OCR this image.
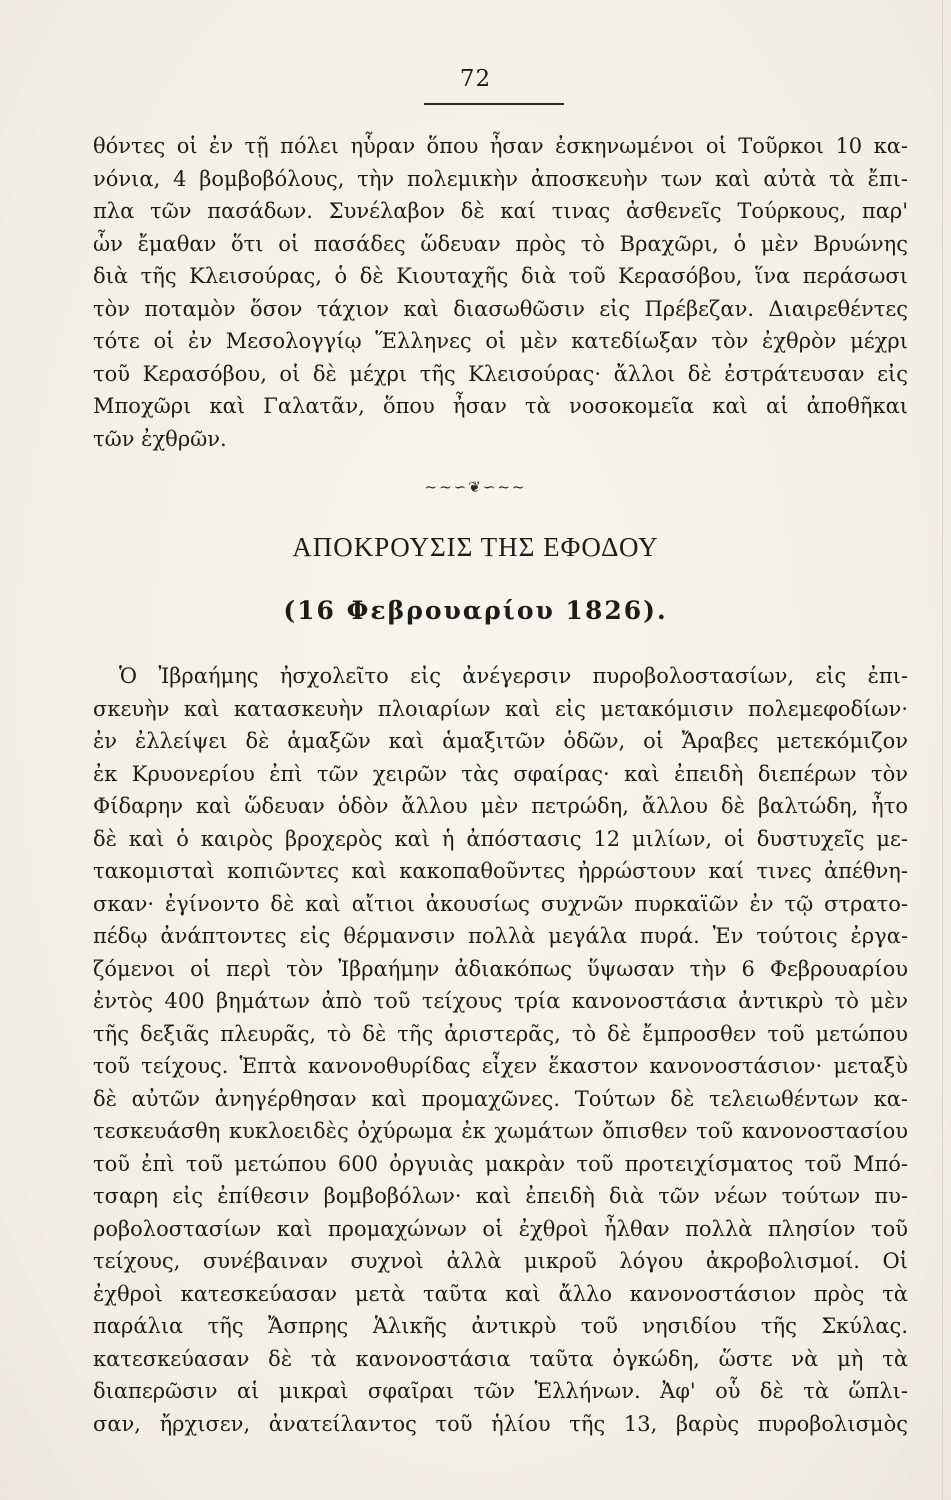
72
θόντες οἱ ἐν τῇ πόλει ηὗραν ὅπου ἦσαν ἐσκηνωμένοι οἱ Τοῦρκοι 10 κα-
νόνια, 4 βομβοβόλους, τὴν πολεμικὴν ἀποσκευὴν των καὶ αὐτὰ τὰ ἔπι-
πλα τῶν πασάδων. Συνέλαβον δὲ καί τινας ἀσθενεῖς Τούρκους, παρ'
ὧν ἔμαθαν ὅτι οἱ πασάδες ὥδευαν πρὸς τὸ Βραχῶρι, ὁ μὲν Βρυώνης
διὰ τῆς Κλεισούρας, ὁ δὲ Κιουταχῆς διὰ τοῦ Κερασόβου, ἵνα περάσωσι
τὸν ποταμὸν ὅσον τάχιον καὶ διασωθῶσιν εἰς Πρέβεζαν. Διαιρεθέντες
τότε οἱ ἐν Μεσολογγίῳ Ἕλληνες οἱ μὲν κατεδίωξαν τὸν ἐχθρὸν μέχρι
τοῦ Κερασόβου, οἱ δὲ μέχρι τῆς Κλεισούρας· ἄλλοι δὲ ἐστράτευσαν εἰς
Μποχῶρι καὶ Γαλατᾶν, ὅπου ἦσαν τὰ νοσοκομεῖα καὶ αἱ ἀποθῆκαι
τῶν ἐχθρῶν.
~~∽❦∽~~
ΑΠΟΚΡΟΥΣΙΣ ΤΗΣ ΕΦΟΔΟΥ
(16 Φεβρουαρίου 1826).
Ὁ Ἰβραήμης ἠσχολεῖτο εἰς ἀνέγερσιν πυροβολοστασίων, εἰς ἐπι-
σκευὴν καὶ κατασκευὴν πλοιαρίων καὶ εἰς μετακόμισιν πολεμεφοδίων·
ἐν ἐλλείψει δὲ ἁμαξῶν καὶ ἁμαξιτῶν ὁδῶν, οἱ Ἄραβες μετεκόμιζον
ἐκ Κρυονερίου ἐπὶ τῶν χειρῶν τὰς σφαίρας· καὶ ἐπειδὴ διεπέρων τὸν
Φίδαρην καὶ ὥδευαν ὁδὸν ἄλλου μὲν πετρώδη, ἄλλου δὲ βαλτώδη, ἦτο
δὲ καὶ ὁ καιρὸς βροχερὸς καὶ ἡ ἀπόστασις 12 μιλίων, οἱ δυστυχεῖς με-
τακομισταὶ κοπιῶντες καὶ κακοπαθοῦντες ἠρρώστουν καί τινες ἀπέθνη-
σκαν· ἐγίνοντο δὲ καὶ αἴτιοι ἀκουσίως συχνῶν πυρκαϊῶν ἐν τῷ στρατο-
πέδῳ ἀνάπτοντες εἰς θέρμανσιν πολλὰ μεγάλα πυρά. Ἐν τούτοις ἐργα-
ζόμενοι οἱ περὶ τὸν Ἰβραήμην ἀδιακόπως ὕψωσαν τὴν 6 Φεβρουαρίου
ἐντὸς 400 βημάτων ἀπὸ τοῦ τείχους τρία κανονοστάσια ἀντικρὺ τὸ μὲν
τῆς δεξιᾶς πλευρᾶς, τὸ δὲ τῆς ἀριστερᾶς, τὸ δὲ ἔμπροσθεν τοῦ μετώπου
τοῦ τείχους. Ἑπτὰ κανονοθυρίδας εἶχεν ἕκαστον κανονοστάσιον· μεταξὺ
δὲ αὐτῶν ἀνηγέρθησαν καὶ προμαχῶνες. Τούτων δὲ τελειωθέντων κα-
τεσκευάσθη κυκλοειδὲς ὀχύρωμα ἐκ χωμάτων ὄπισθεν τοῦ κανονοστασίου
τοῦ ἐπὶ τοῦ μετώπου 600 ὀργυιὰς μακρὰν τοῦ προτειχίσματος τοῦ Μπό-
τσαρη εἰς ἐπίθεσιν βομβοβόλων· καὶ ἐπειδὴ διὰ τῶν νέων τούτων πυ-
ροβολοστασίων καὶ προμαχώνων οἱ ἐχθροὶ ἦλθαν πολλὰ πλησίον τοῦ
τείχους, συνέβαιναν συχνοὶ ἀλλὰ μικροῦ λόγου ἀκροβολισμοί. Οἱ
ἐχθροὶ κατεσκεύασαν μετὰ ταῦτα καὶ ἄλλο κανονοστάσιον πρὸς τὰ
παράλια τῆς Ἄσπρης Ἁλικῆς ἀντικρὺ τοῦ νησιδίου τῆς Σκύλας.
κατεσκεύασαν δὲ τὰ κανονοστάσια ταῦτα ὀγκώδη, ὥστε νὰ μὴ τὰ
διαπερῶσιν αἱ μικραὶ σφαῖραι τῶν Ἑλλήνων. Ἀφ' οὗ δὲ τὰ ὥπλι-
σαν, ἤρχισεν, ἀνατείλαντος τοῦ ἡλίου τῆς 13, βαρὺς πυροβολισμὸς
